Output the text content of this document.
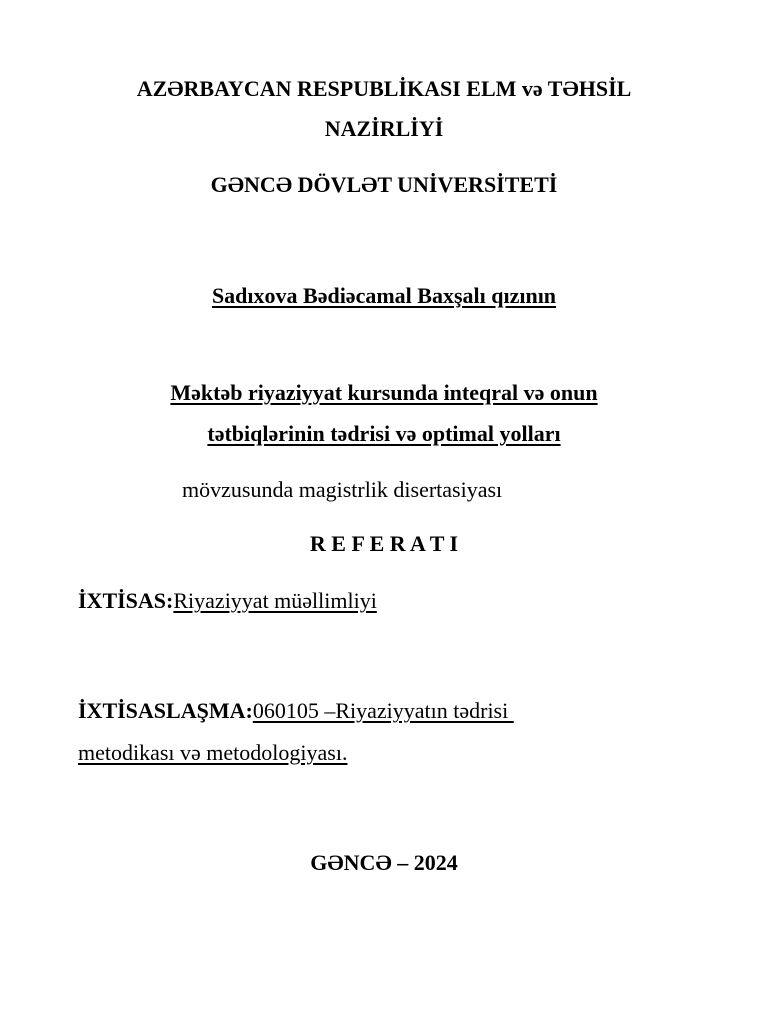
AZƏRBAYCAN RESPUBLİKASI ELM və TƏHSİL
NAZİRLİYİ
GƏNCƏ DÖVLƏT UNİVERSİTETİ
Sadıxova Bədiəcamal Baxşalı qızının
Məktəb riyaziyyat kursunda inteqral və onun
tətbiqlərinin tədrisi və optimal yolları
mövzusunda magistrlik disertasiyası
R E F E R A T I
İXTİSAS:Riyaziyyat müəllimliyi
İXTİSASLAŞMA:060105 –Riyaziyyatın tədrisi
metodikası və metodologiyası.
GƏNCƏ – 2024
